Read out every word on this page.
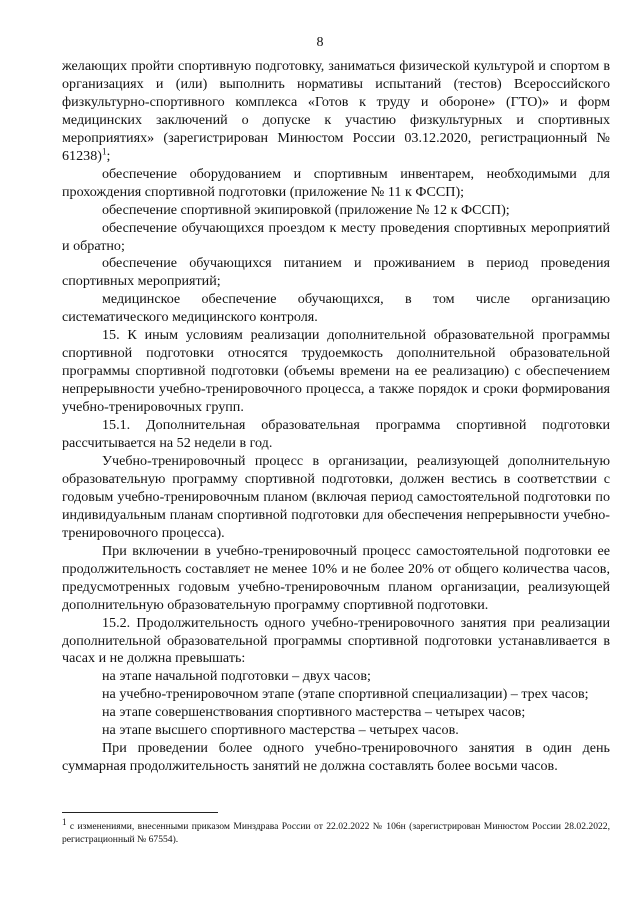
8

желающих пройти спортивную подготовку, заниматься физической культурой и спортом в организациях и (или) выполнить нормативы испытаний (тестов) Всероссийского физкультурно-спортивного комплекса «Готов к труду и обороне» (ГТО)» и форм медицинских заключений о допуске к участию физкультурных и спортивных мероприятиях» (зарегистрирован Минюстом России 03.12.2020, регистрационный № 61238)$^1$;

обеспечение оборудованием и спортивным инвентарем, необходимыми для прохождения спортивной подготовки (приложение № 11 к ФССП);

обеспечение спортивной экипировкой (приложение № 12 к ФССП);

обеспечение обучающихся проездом к месту проведения спортивных мероприятий и обратно;

обеспечение обучающихся питанием и проживанием в период проведения спортивных мероприятий;

медицинское обеспечение обучающихся, в том числе организацию систематического медицинского контроля.

15. К иным условиям реализации дополнительной образовательной программы спортивной подготовки относятся трудоемкость дополнительной образовательной программы спортивной подготовки (объемы времени на ее реализацию) с обеспечением непрерывности учебно-тренировочного процесса, а также порядок и сроки формирования учебно-тренировочных групп.

15.1. Дополнительная образовательная программа спортивной подготовки рассчитывается на 52 недели в год.

Учебно-тренировочный процесс в организации, реализующей дополнительную образовательную программу спортивной подготовки, должен вестись в соответствии с годовым учебно-тренировочным планом (включая период самостоятельной подготовки по индивидуальным планам спортивной подготовки для обеспечения непрерывности учебно-тренировочного процесса).

При включении в учебно-тренировочный процесс самостоятельной подготовки ее продолжительность составляет не менее 10% и не более 20% от общего количества часов, предусмотренных годовым учебно-тренировочным планом организации, реализующей дополнительную образовательную программу спортивной подготовки.

15.2. Продолжительность одного учебно-тренировочного занятия при реализации дополнительной образовательной программы спортивной подготовки устанавливается в часах и не должна превышать:

на этапе начальной подготовки – двух часов;

на учебно-тренировочном этапе (этапе спортивной специализации) – трех часов;

на этапе совершенствования спортивного мастерства – четырех часов;

на этапе высшего спортивного мастерства – четырех часов.

При проведении более одного учебно-тренировочного занятия в один день суммарная продолжительность занятий не должна составлять более восьми часов.

$^1$ с изменениями, внесенными приказом Минздрава России от 22.02.2022 № 106н (зарегистрирован Минюстом России 28.02.2022, регистрационный № 67554).
